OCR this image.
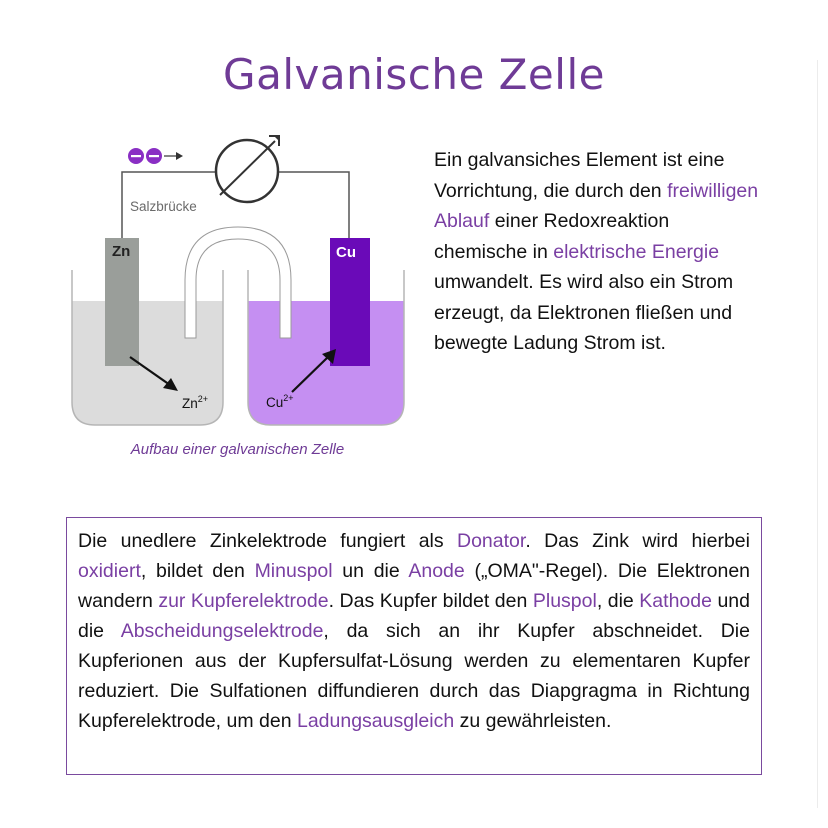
Galvanische Zelle
Salzbrücke
Zn	Cu
$Zn^{2+}$	$Cu^{2+}$
Aufbau einer galvanischen Zelle
Ein galvansiches Element ist eine Vorrichtung, die durch den freiwilligen Ablauf einer Redoxreaktion chemische in elektrische Energie umwandelt. Es wird also ein Strom erzeugt, da Elektronen fließen und bewegte Ladung Strom ist.

Die unedlere Zinkelektrode fungiert als Donator. Das Zink wird hierbei oxidiert, bildet den Minuspol un die Anode („OMA"-Regel). Die Elektronen wandern zur Kupferelektrode. Das Kupfer bildet den Pluspol, die Kathode und die Abscheidungselektrode, da sich an ihr Kupfer abschneidet. Die Kupferionen aus der Kupfersulfat-Lösung werden zu elementaren Kupfer reduziert. Die Sulfationen diffundieren durch das Diapgragma in Richtung Kupferelektrode, um den Ladungsausgleich zu gewährleisten.
